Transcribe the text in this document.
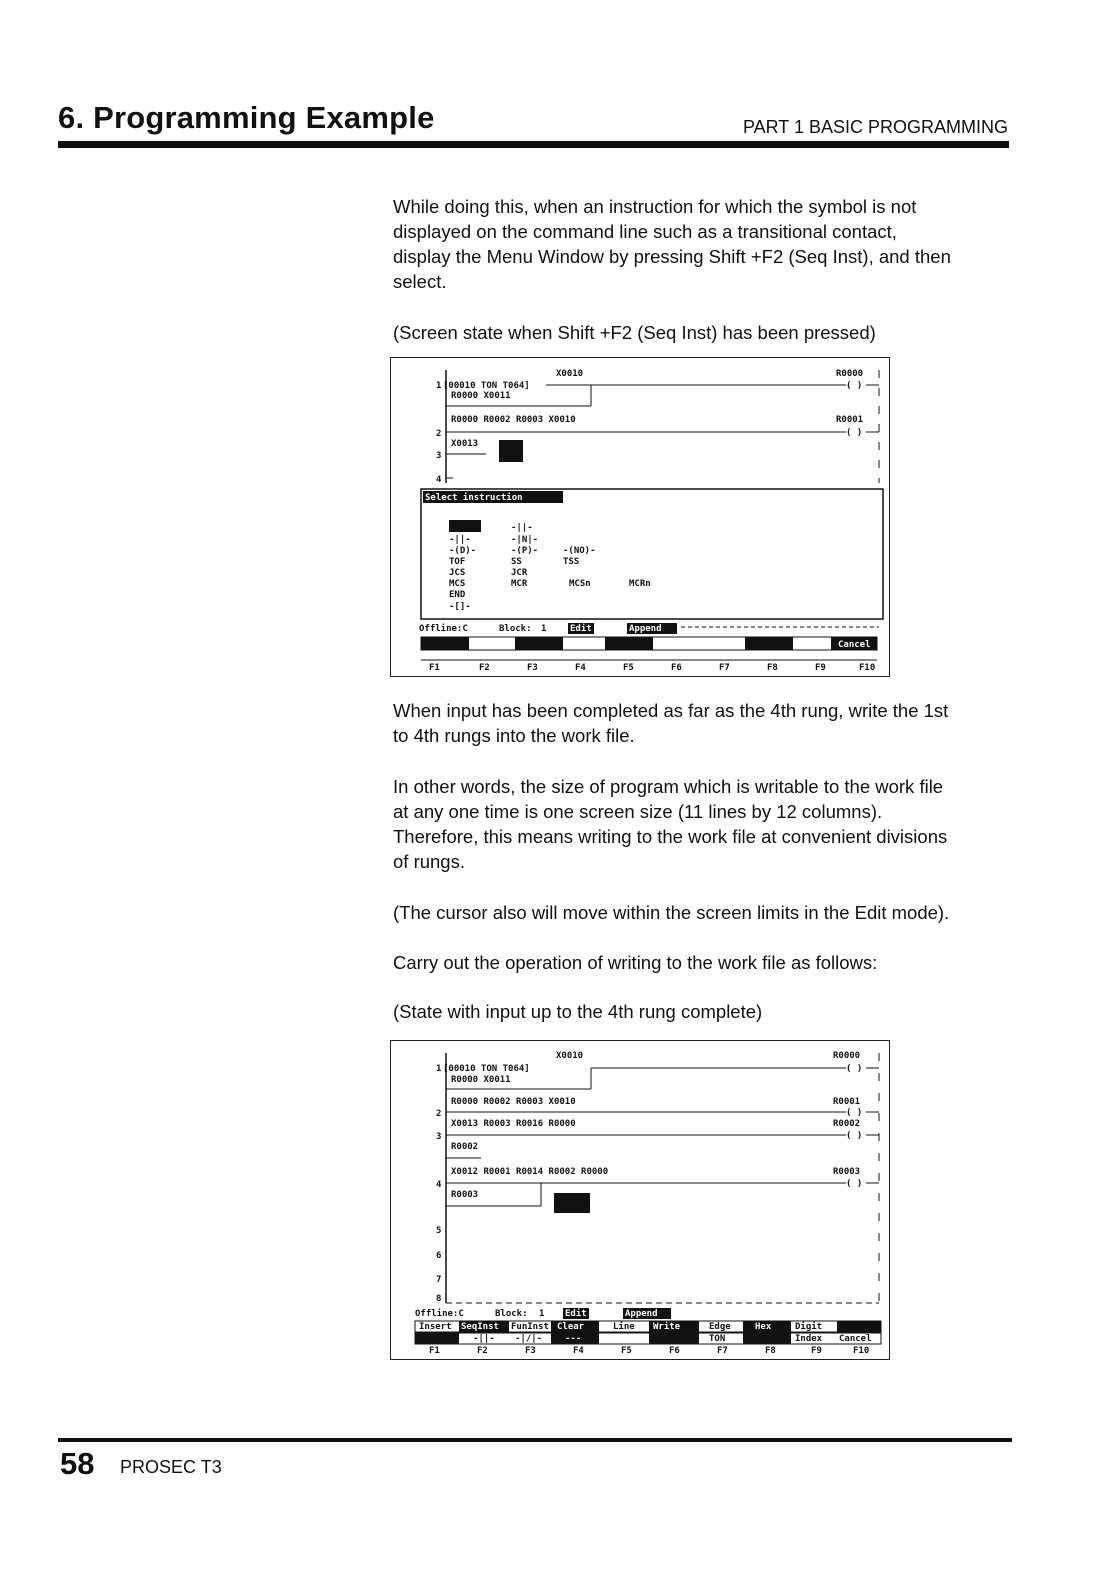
6. Programming Example	PART 1 BASIC PROGRAMMING

While doing this, when an instruction for which the symbol is not
displayed on the command line such as a transitional contact,
display the Menu Window by pressing Shift +F2 (Seq Inst), and then
select.

(Screen state when Shift +F2 (Seq Inst) has been pressed)

1 [00010 TON T064]
X0010	R0000
( )
R0000 X0011
R0000 R0002 R0003 X0010	R0001
2	( )
X0013
3
4
Select instruction
-||-
-||-	-|N|-
-(D)-	-(P)-	-(NO)-
TOF	SS	TSS
JCS	JCR
MCS	MCR	MCSn	MCRn
END
-[]-
Offline:C	Block: 1	Edit	Append
Cancel
F1	F2	F3	F4	F5	F6	F7	F8	F9	F10

When input has been completed as far as the 4th rung, write the 1st
to 4th rungs into the work file.

In other words, the size of program which is writable to the work file
at any one time is one screen size (11 lines by 12 columns).
Therefore, this means writing to the work file at convenient divisions
of rungs.

(The cursor also will move within the screen limits in the Edit mode).

Carry out the operation of writing to the work file as follows:

(State with input up to the 4th rung complete)

X0010	R0000
1 [00010 TON T064]	( )
R0000 X0011
R0000 R0002 R0003 X0010	R0001
2	( )
X0013 R0003 R0016 R0000	R0002
3	( )
R0002
X0012 R0001 R0014 R0002 R0000	R0003
4	( )
R0003
5
6
7
8
Offline:C	Block: 1 Edit	Append
Insert SeqInst FunInst Clear	Line Write	Edge	Hex	Digit
-||- -|/|-	---	-( )-	TON	CNT	Index Cancel
F1	F2	F3	F4	F5	F6	F7	F8	F9	F10
58 PROSEC T3
